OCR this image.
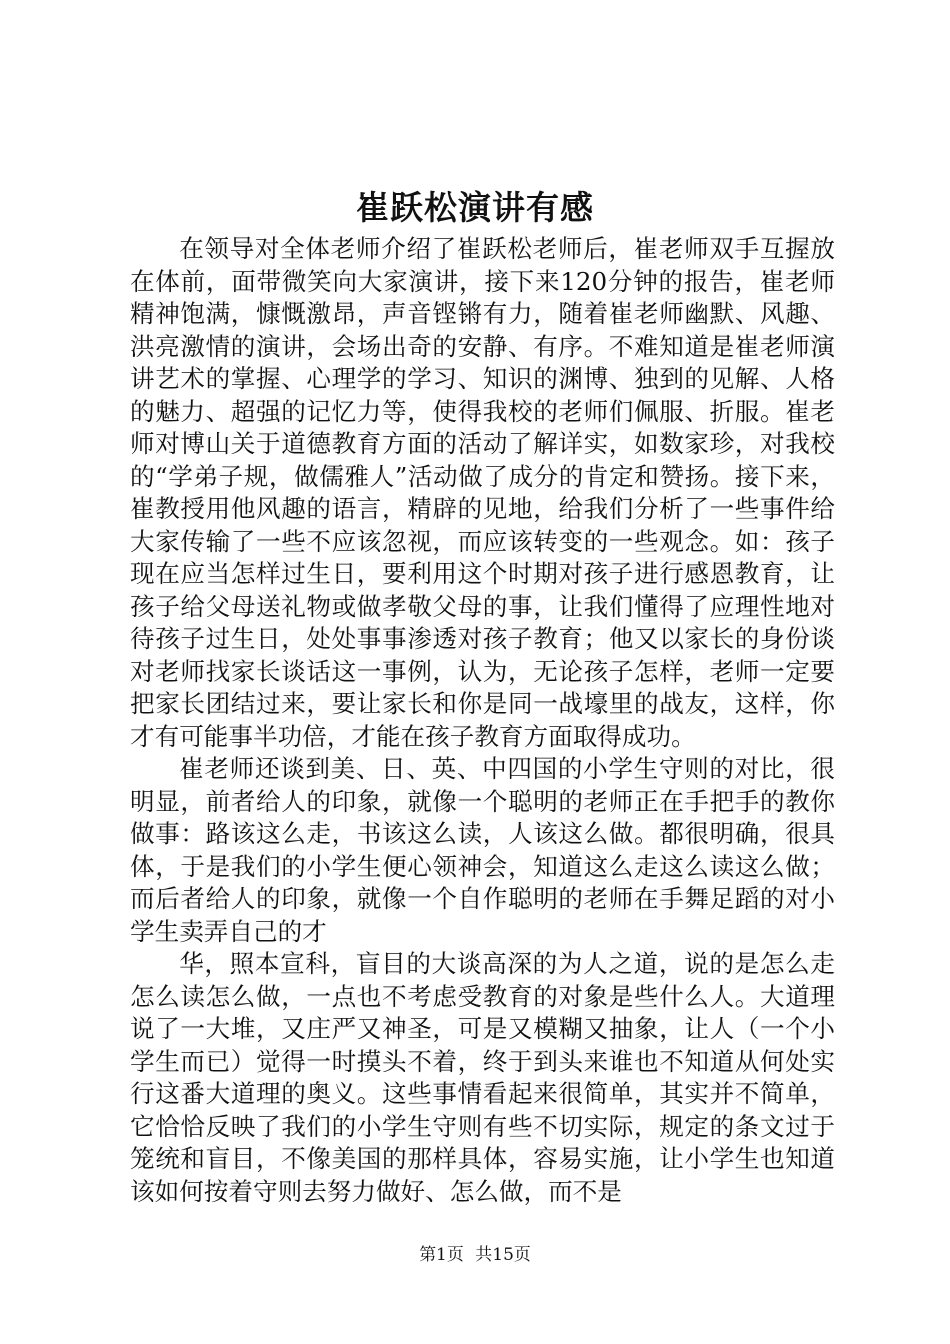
崔跃松演讲有感

在领导对全体老师介绍了崔跃松老师后，崔老师双手互握放在体前，面带微笑向大家演讲，接下来120分钟的报告，崔老师精神饱满，慷慨激昂，声音铿锵有力，随着崔老师幽默、风趣、洪亮激情的演讲，会场出奇的安静、有序。不难知道是崔老师演讲艺术的掌握、心理学的学习、知识的渊博、独到的见解、人格的魅力、超强的记忆力等，使得我校的老师们佩服、折服。崔老师对博山关于道德教育方面的活动了解详实，如数家珍，对我校的“学弟子规，做儒雅人”活动做了成分的肯定和赞扬。接下来，崔教授用他风趣的语言，精辟的见地，给我们分析了一些事件给大家传输了一些不应该忽视，而应该转变的一些观念。如：孩子现在应当怎样过生日，要利用这个时期对孩子进行感恩教育，让孩子给父母送礼物或做孝敬父母的事，让我们懂得了应理性地对待孩子过生日，处处事事渗透对孩子教育；他又以家长的身份谈对老师找家长谈话这一事例，认为，无论孩子怎样，老师一定要把家长团结过来，要让家长和你是同一战壕里的战友，这样，你才有可能事半功倍，才能在孩子教育方面取得成功。

崔老师还谈到美、日、英、中四国的小学生守则的对比，很明显，前者给人的印象，就像一个聪明的老师正在手把手的教你做事：路该这么走，书该这么读，人该这么做。都很明确，很具体，于是我们的小学生便心领神会，知道这么走这么读这么做；而后者给人的印象，就像一个自作聪明的老师在手舞足蹈的对小学生卖弄自己的才

华，照本宣科，盲目的大谈高深的为人之道，说的是怎么走怎么读怎么做，一点也不考虑受教育的对象是些什么人。大道理说了一大堆，又庄严又神圣，可是又模糊又抽象，让人（一个小学生而已）觉得一时摸头不着，终于到头来谁也不知道从何处实行这番大道理的奥义。这些事情看起来很简单，其实并不简单，它恰恰反映了我们的小学生守则有些不切实际，规定的条文过于笼统和盲目，不像美国的那样具体，容易实施，让小学生也知道该如何按着守则去努力做好、怎么做，而不是

第1页 共15页
